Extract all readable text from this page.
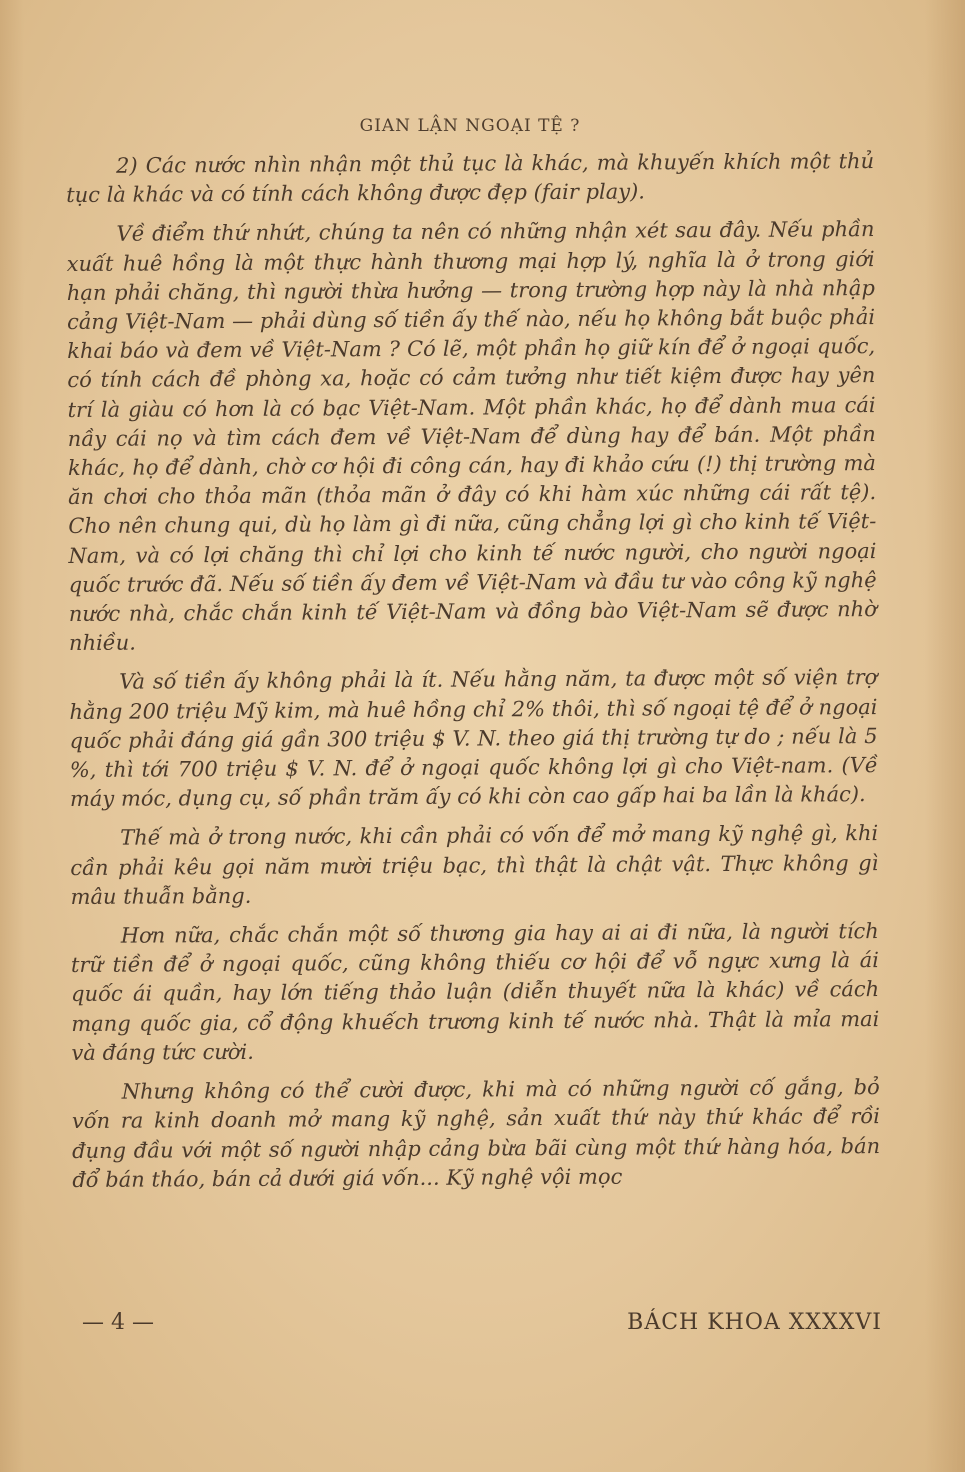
GIAN LẬN NGOẠI TỆ ?

2) Các nước nhìn nhận một thủ tục là khác, mà khuyến khích một thủ tục là khác và có tính cách không được đẹp (fair play).

Về điểm thứ nhứt, chúng ta nên có những nhận xét sau đây. Nếu phần xuất huê hồng là một thực hành thương mại hợp lý, nghĩa là ở trong giới hạn phải chăng, thì người thừa hưởng — trong trường hợp này là nhà nhập cảng Việt-Nam — phải dùng số tiền ấy thế nào, nếu họ không bắt buộc phải khai báo và đem về Việt-Nam ? Có lẽ, một phần họ giữ kín để ở ngoại quốc, có tính cách đề phòng xa, hoặc có cảm tưởng như tiết kiệm được hay yên trí là giàu có hơn là có bạc Việt-Nam. Một phần khác, họ để dành mua cái nầy cái nọ và tìm cách đem về Việt-Nam để dùng hay để bán. Một phần khác, họ để dành, chờ cơ hội đi công cán, hay đi khảo cứu (!) thị trường mà ăn chơi cho thỏa mãn (thỏa mãn ở đây có khi hàm xúc những cái rất tệ). Cho nên chung qui, dù họ làm gì đi nữa, cũng chẳng lợi gì cho kinh tế Việt-Nam, và có lợi chăng thì chỉ lợi cho kinh tế nước người, cho người ngoại quốc trước đã. Nếu số tiền ấy đem về Việt-Nam và đầu tư vào công kỹ nghệ nước nhà, chắc chắn kinh tế Việt-Nam và đồng bào Việt-Nam sẽ được nhờ nhiều.

Và số tiền ấy không phải là ít. Nếu hằng năm, ta được một số viện trợ hằng 200 triệu Mỹ kim, mà huê hồng chỉ 2% thôi, thì số ngoại tệ để ở ngoại quốc phải đáng giá gần 300 triệu $ V. N. theo giá thị trường tự do ; nếu là 5 %, thì tới 700 triệu $ V. N. để ở ngoại quốc không lợi gì cho Việt-nam. (Về máy móc, dụng cụ, số phần trăm ấy có khi còn cao gấp hai ba lần là khác).

Thế mà ở trong nước, khi cần phải có vốn để mở mang kỹ nghệ gì, khi cần phải kêu gọi năm mười triệu bạc, thì thật là chật vật. Thực không gì mâu thuẫn bằng.

Hơn nữa, chắc chắn một số thương gia hay ai ai đi nữa, là người tích trữ tiền để ở ngoại quốc, cũng không thiếu cơ hội để vỗ ngực xưng là ái quốc ái quần, hay lớn tiếng thảo luận (diễn thuyết nữa là khác) về cách mạng quốc gia, cổ động khuếch trương kinh tế nước nhà. Thật là mỉa mai và đáng tức cười.

Nhưng không có thể cười được, khi mà có những người cố gắng, bỏ vốn ra kinh doanh mở mang kỹ nghệ, sản xuất thứ này thứ khác để rồi đụng đầu với một số người nhập cảng bừa bãi cùng một thứ hàng hóa, bán đổ bán tháo, bán cả dưới giá vốn... Kỹ nghệ vội mọc

— 4 —	BÁCH KHOA XXXXVI
